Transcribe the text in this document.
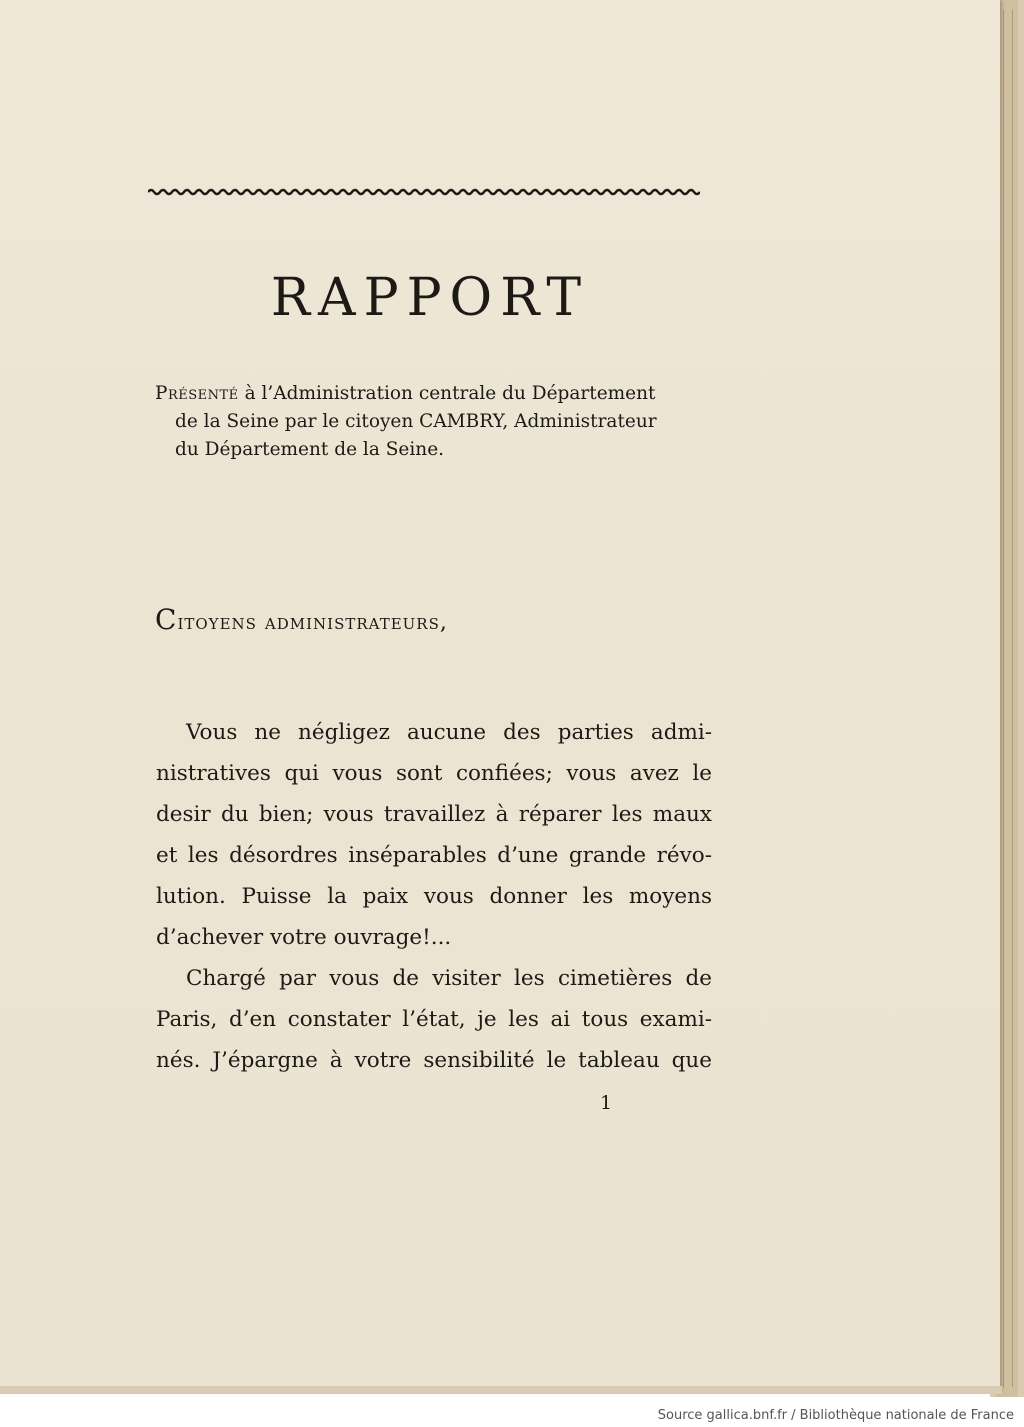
RAPPORT
Présenté à l’Administration centrale du Département
de la Seine par le citoyen CAMBRY, Administrateur
du Département de la Seine.
Citoyens administrateurs,
Vous ne négligez aucune des parties admi-
nistratives qui vous sont confiées; vous avez le
desir du bien; vous travaillez à réparer les maux
et les désordres inséparables d’une grande révo-
lution. Puisse la paix vous donner les moyens
d’achever votre ouvrage!...
Chargé par vous de visiter les cimetières de
Paris, d’en constater l’état, je les ai tous exami-
nés. J’épargne à votre sensibilité le tableau que
1
Source gallica.bnf.fr / Bibliothèque nationale de France
